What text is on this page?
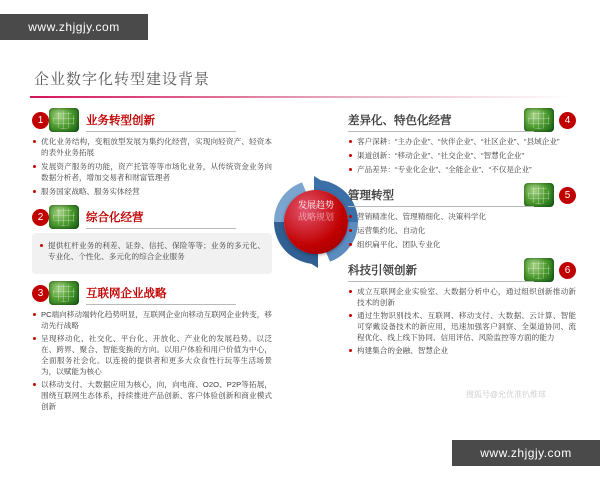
www.zhjgjy.com
www.zhjgjy.com
企业数字化转型建设背景
1	业务转型创新
优化业务结构，变粗放型发展为集约化经营，实现向轻资产、轻资本的表外业务拓展
发展资产服务的功能，资产托管等等市场化业务，从传统资金业务向数据分析者，增加交易者和财富管理者
服务国家战略、服务实体经营
2	综合化经营
提供杠杆业务的利差、证券、信托、保险等等；业务的多元化、专业化、个性化、多元化的综合企业服务
3	互联网企业战略
PC端向移动端转化趋势明显，互联网企业向移动互联网企业转变，移动先行战略
呈现移动化、社交化、平台化、开放化、产业化的发展趋势。以泛在、跨界、聚合、智能变换的方向。以用户体验和用户价值为中心，全面服务社会化。以连接的提供者和更多大众食性行玩等生活场景为，以赋能为核心
以移动支付、大数据应用为核心，向，向电商、O2O、P2P等拓展，围绕互联网生态体系，持续推进产品创新、客户体验创新和商业模式创新
发展趋势
战略规划
差异化、特色化经营	4
客户深耕：“主办企业”、“伙伴企业”、“社区企业”、“县域企业”
渠道创新：“移动企业”、“社交企业”、“智慧化企业”
产品差异：“专业化企业”、“全能企业”、“不仅是企业”
管理转型	5
营销精准化、管理精细化、决策科学化
运营集约化、自动化
组织扁平化、团队专业化
科技引领创新	6
成立互联网企业实验室、大数据分析中心，通过组织创新推动新技术的创新
通过生物识别技术、互联网、移动支付、大数据、云计算、智能可穿戴设备技术的新应用，迅速加强客户洞察、全渠道协同、流程优化、线上线下协同、信用评估、风险监控等方面的能力
构建集合的金融、智慧企业
搜狐号@允优准扒维球
